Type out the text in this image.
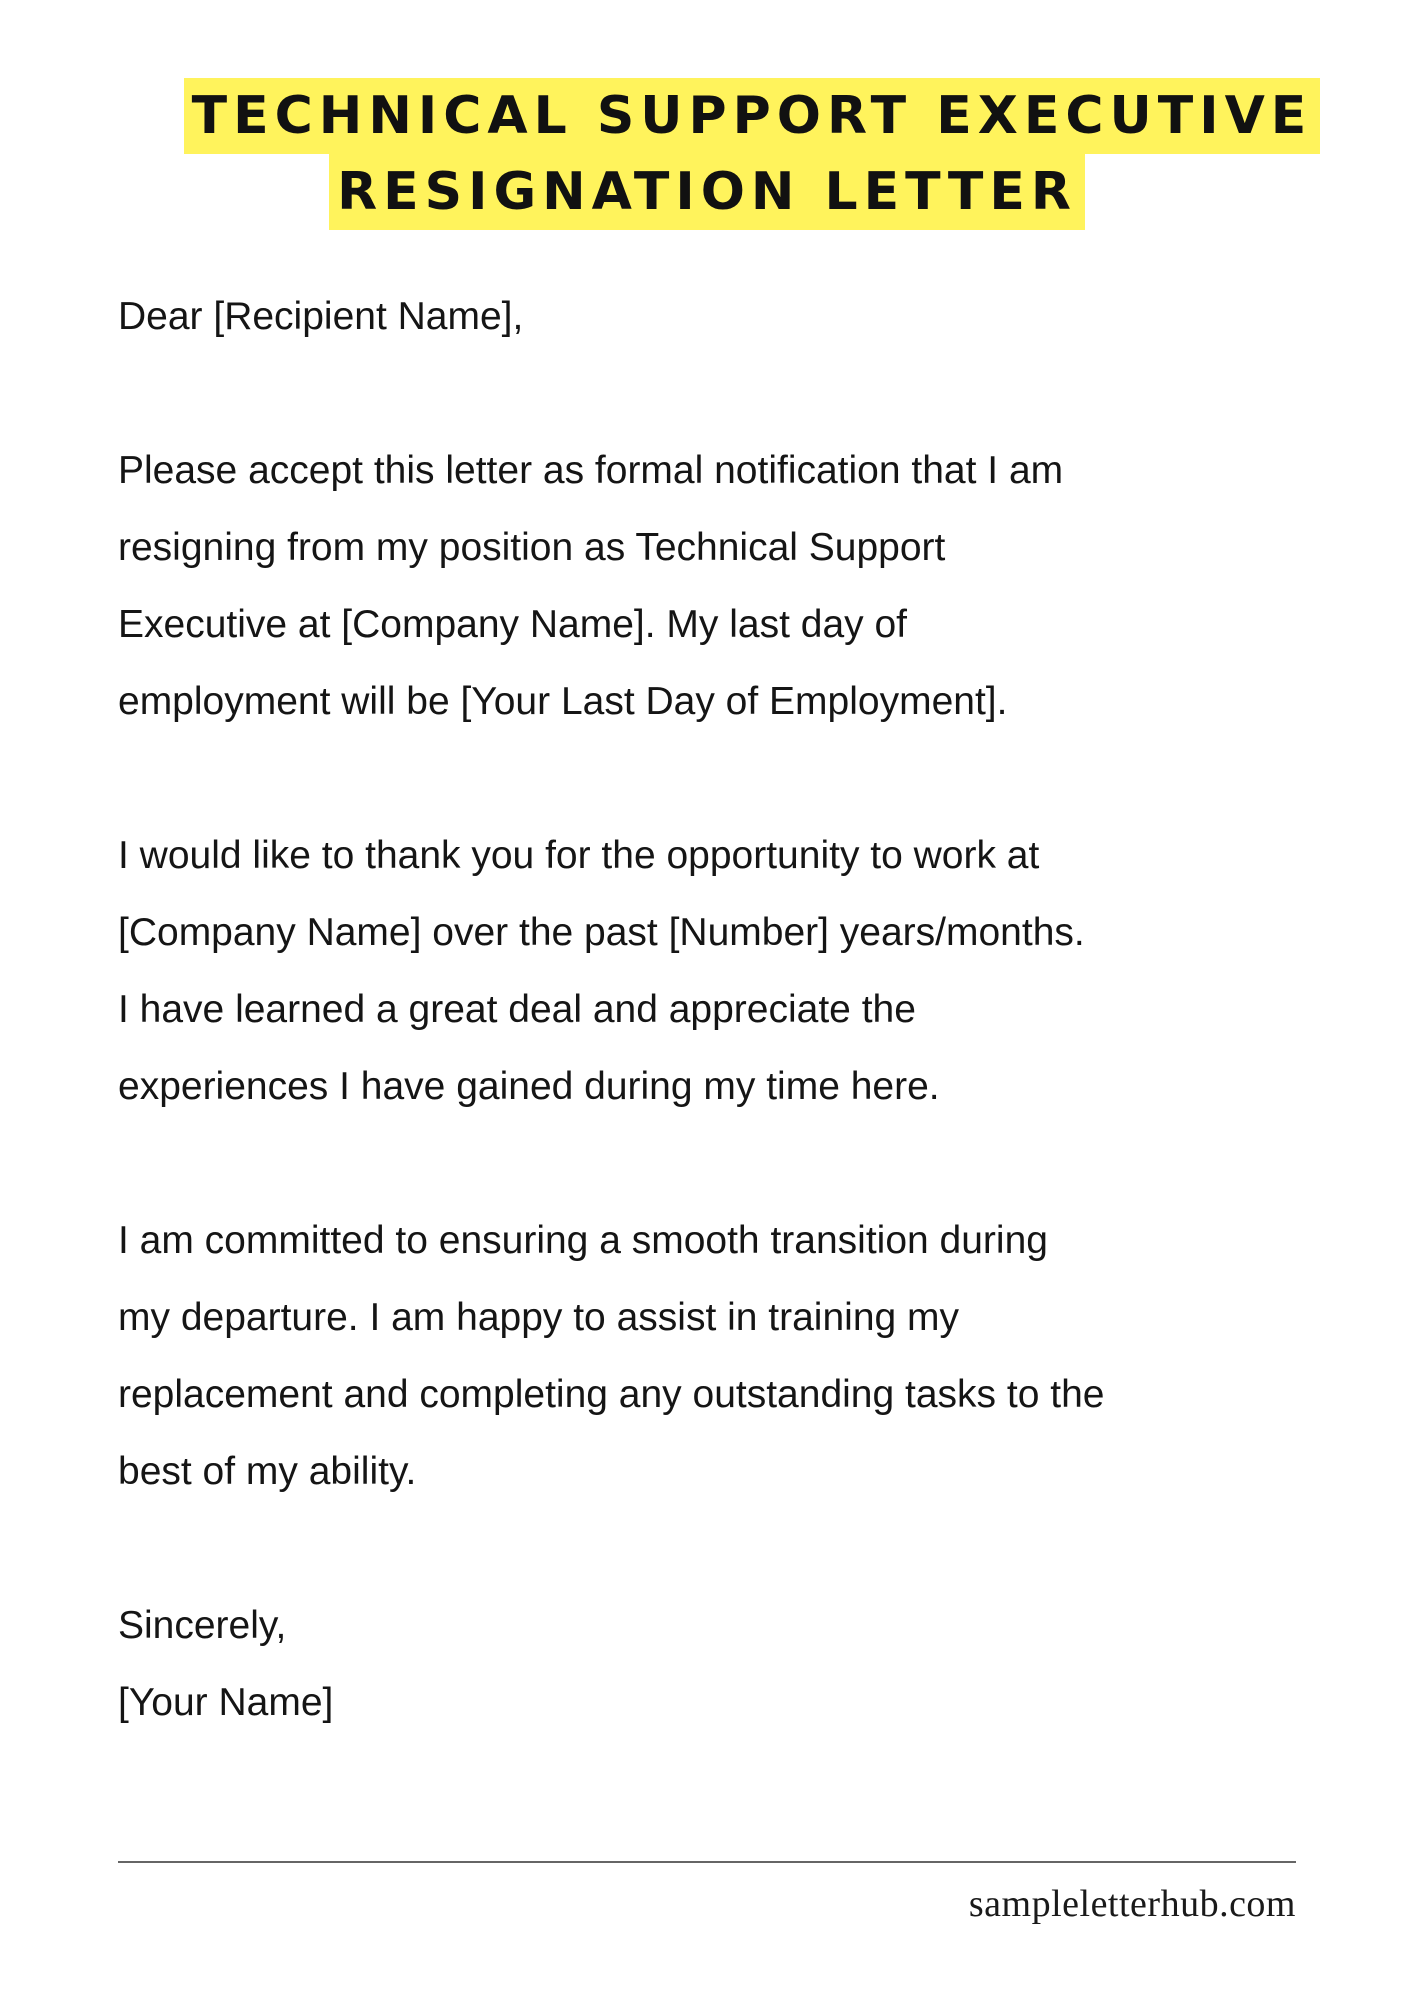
TECHNICAL SUPPORT EXECUTIVE
RESIGNATION LETTER

Dear [Recipient Name],

Please accept this letter as formal notification that I am
resigning from my position as Technical Support
Executive at [Company Name]. My last day of
employment will be [Your Last Day of Employment].

I would like to thank you for the opportunity to work at
[Company Name] over the past [Number] years/months.
I have learned a great deal and appreciate the
experiences I have gained during my time here.

I am committed to ensuring a smooth transition during
my departure. I am happy to assist in training my
replacement and completing any outstanding tasks to the
best of my ability.

Sincerely,
[Your Name]

sampleletterhub.com
